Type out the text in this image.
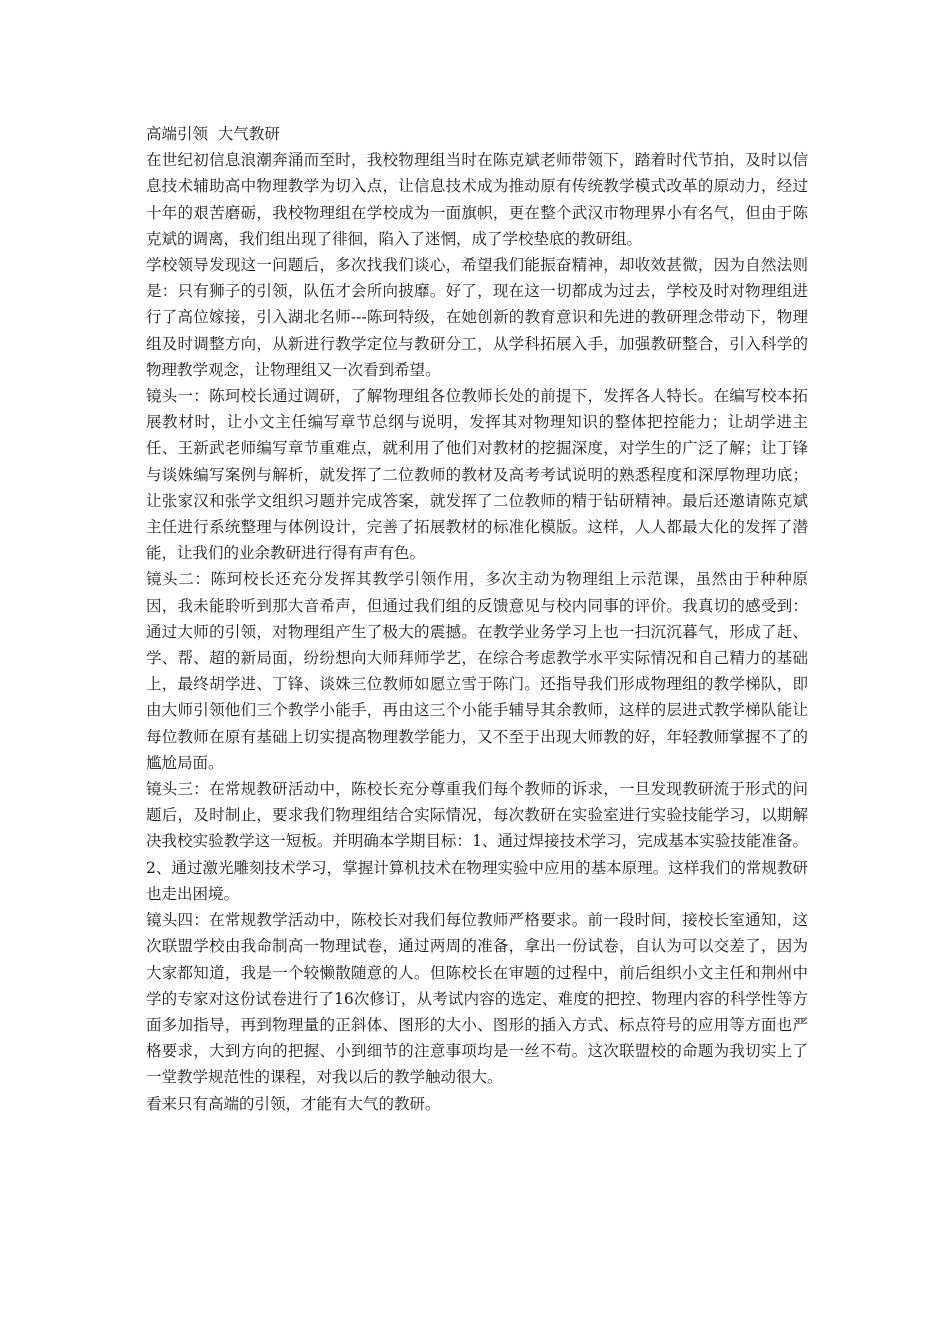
高端引领  大气教研

在世纪初信息浪潮奔涌而至时，我校物理组当时在陈克斌老师带领下，踏着时代节拍，及时以信息技术辅助高中物理教学为切入点，让信息技术成为推动原有传统教学模式改革的原动力，经过十年的艰苦磨砺，我校物理组在学校成为一面旗帜，更在整个武汉市物理界小有名气，但由于陈克斌的调离，我们组出现了徘徊，陷入了迷惘，成了学校垫底的教研组。

学校领导发现这一问题后，多次找我们谈心，希望我们能振奋精神，却收效甚微，因为自然法则是：只有狮子的引领，队伍才会所向披靡。好了，现在这一切都成为过去，学校及时对物理组进行了高位嫁接，引入湖北名师---陈珂特级，在她创新的教育意识和先进的教研理念带动下，物理组及时调整方向，从新进行教学定位与教研分工，从学科拓展入手，加强教研整合，引入科学的物理教学观念，让物理组又一次看到希望。

镜头一：陈珂校长通过调研，了解物理组各位教师长处的前提下，发挥各人特长。在编写校本拓展教材时，让小文主任编写章节总纲与说明，发挥其对物理知识的整体把控能力；让胡学进主任、王新武老师编写章节重难点，就利用了他们对教材的挖掘深度，对学生的广泛了解；让丁锋与谈姝编写案例与解析，就发挥了二位教师的教材及高考考试说明的熟悉程度和深厚物理功底；让张家汉和张学文组织习题并完成答案，就发挥了二位教师的精于钻研精神。最后还邀请陈克斌主任进行系统整理与体例设计，完善了拓展教材的标准化模版。这样，人人都最大化的发挥了潜能，让我们的业余教研进行得有声有色。

镜头二：陈珂校长还充分发挥其教学引领作用，多次主动为物理组上示范课，虽然由于种种原因，我未能聆听到那大音希声，但通过我们组的反馈意见与校内同事的评价。我真切的感受到：通过大师的引领，对物理组产生了极大的震撼。在教学业务学习上也一扫沉沉暮气，形成了赶、学、帮、超的新局面，纷纷想向大师拜师学艺，在综合考虑教学水平实际情况和自己精力的基础上，最终胡学进、丁锋、谈姝三位教师如愿立雪于陈门。还指导我们形成物理组的教学梯队，即由大师引领他们三个教学小能手，再由这三个小能手辅导其余教师，这样的层进式教学梯队能让每位教师在原有基础上切实提高物理教学能力，又不至于出现大师教的好，年轻教师掌握不了的尴尬局面。

镜头三：在常规教研活动中，陈校长充分尊重我们每个教师的诉求，一旦发现教研流于形式的问题后，及时制止，要求我们物理组结合实际情况，每次教研在实验室进行实验技能学习，以期解决我校实验教学这一短板。并明确本学期目标：1、通过焊接技术学习，完成基本实验技能准备。2、通过激光雕刻技术学习，掌握计算机技术在物理实验中应用的基本原理。这样我们的常规教研也走出困境。

镜头四：在常规教学活动中，陈校长对我们每位教师严格要求。前一段时间，接校长室通知，这次联盟学校由我命制高一物理试卷，通过两周的准备，拿出一份试卷，自认为可以交差了，因为大家都知道，我是一个较懒散随意的人。但陈校长在审题的过程中，前后组织小文主任和荆州中学的专家对这份试卷进行了16次修订，从考试内容的选定、难度的把控、物理内容的科学性等方面多加指导，再到物理量的正斜体、图形的大小、图形的插入方式、标点符号的应用等方面也严格要求，大到方向的把握、小到细节的注意事项均是一丝不苟。这次联盟校的命题为我切实上了一堂教学规范性的课程，对我以后的教学触动很大。

看来只有高端的引领，才能有大气的教研。
